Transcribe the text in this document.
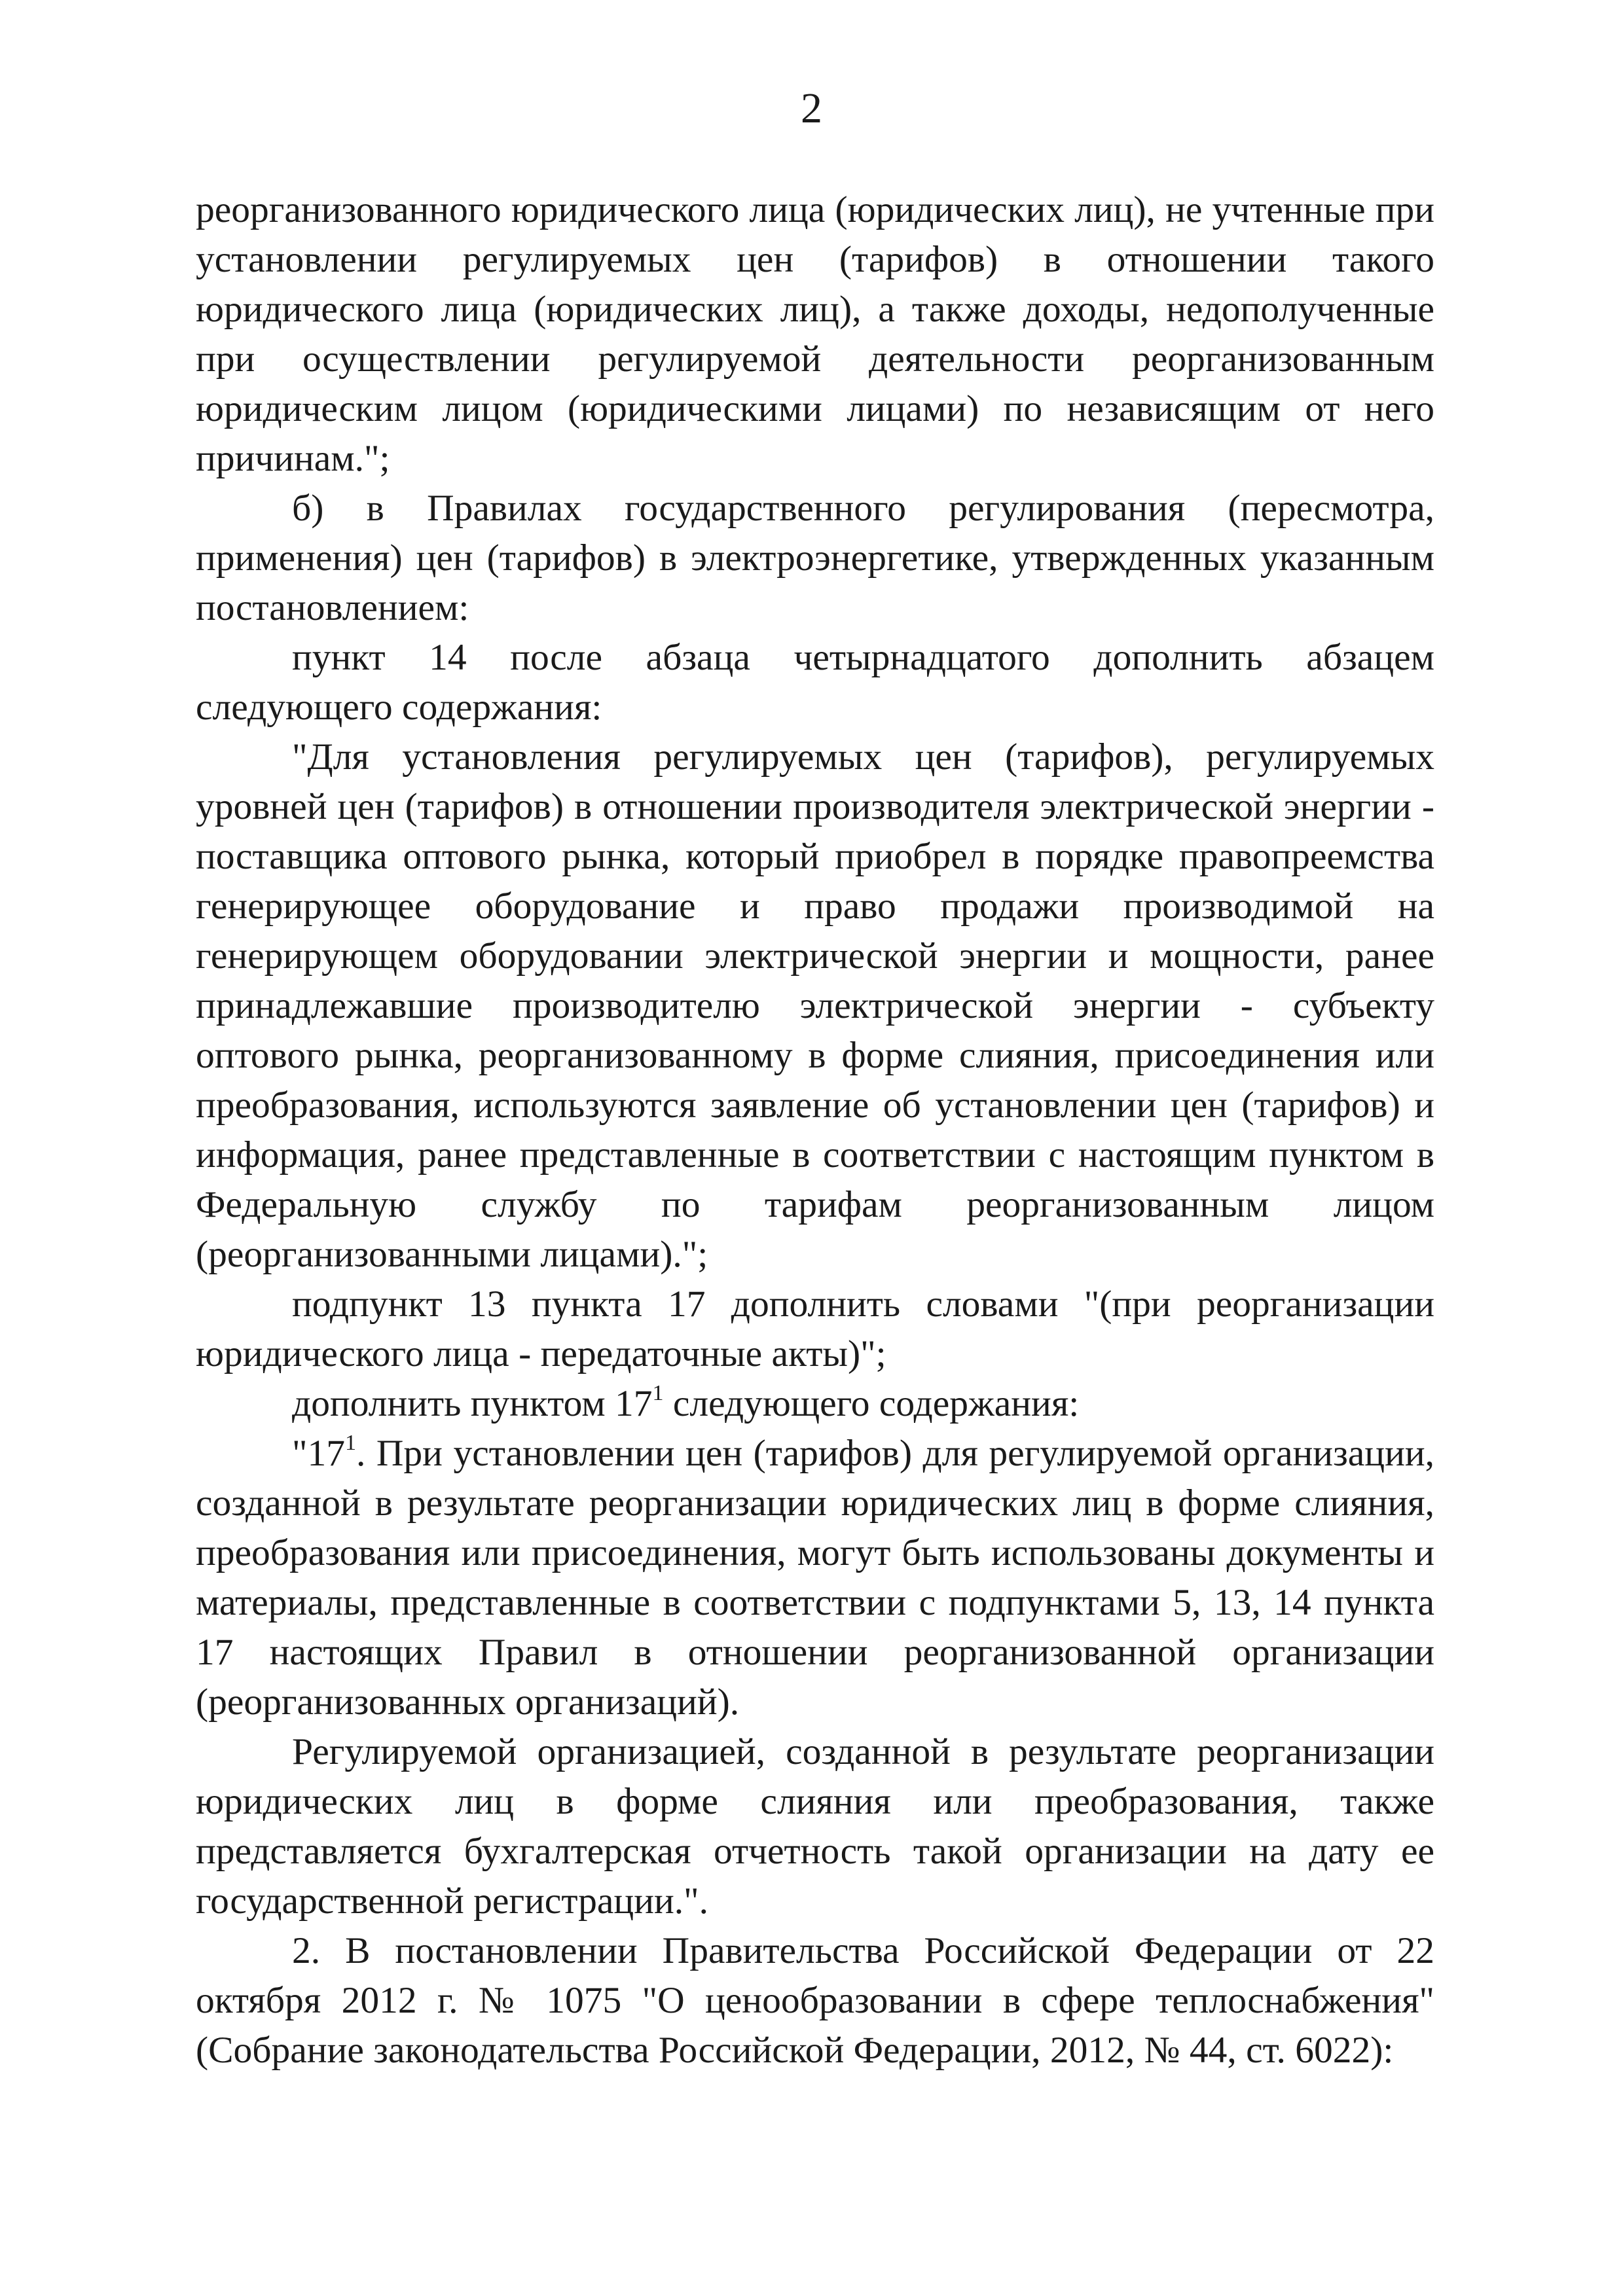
2

реорганизованного юридического лица (юридических лиц), не учтенные при установлении регулируемых цен (тарифов) в отношении такого юридического лица (юридических лиц), а также доходы, недополученные при осуществлении регулируемой деятельности реорганизованным юридическим лицом (юридическими лицами) по независящим от него причинам.";

б) в Правилах государственного регулирования (пересмотра, применения) цен (тарифов) в электроэнергетике, утвержденных указанным постановлением:

пункт 14 после абзаца четырнадцатого дополнить абзацем следующего содержания:

"Для установления регулируемых цен (тарифов), регулируемых уровней цен (тарифов) в отношении производителя электрической энергии - поставщика оптового рынка, который приобрел в порядке правопреемства генерирующее оборудование и право продажи производимой на генерирующем оборудовании электрической энергии и мощности, ранее принадлежавшие производителю электрической энергии - субъекту оптового рынка, реорганизованному в форме слияния, присоединения или преобразования, используются заявление об установлении цен (тарифов) и информация, ранее представленные в соответствии с настоящим пунктом в Федеральную службу по тарифам реорганизованным лицом (реорганизованными лицами).";

подпункт 13 пункта 17 дополнить словами "(при реорганизации юридического лица - передаточные акты)";

дополнить пунктом $17^1$ следующего содержания:

"$17^1$. При установлении цен (тарифов) для регулируемой организации, созданной в результате реорганизации юридических лиц в форме слияния, преобразования или присоединения, могут быть использованы документы и материалы, представленные в соответствии с подпунктами 5, 13, 14 пункта 17 настоящих Правил в отношении реорганизованной организации (реорганизованных организаций).

Регулируемой организацией, созданной в результате реорганизации юридических лиц в форме слияния или преобразования, также представляется бухгалтерская отчетность такой организации на дату ее государственной регистрации.".

2. В постановлении Правительства Российской Федерации от 22 октября 2012 г. № 1075 "О ценообразовании в сфере теплоснабжения" (Собрание законодательства Российской Федерации, 2012, № 44, ст. 6022):
